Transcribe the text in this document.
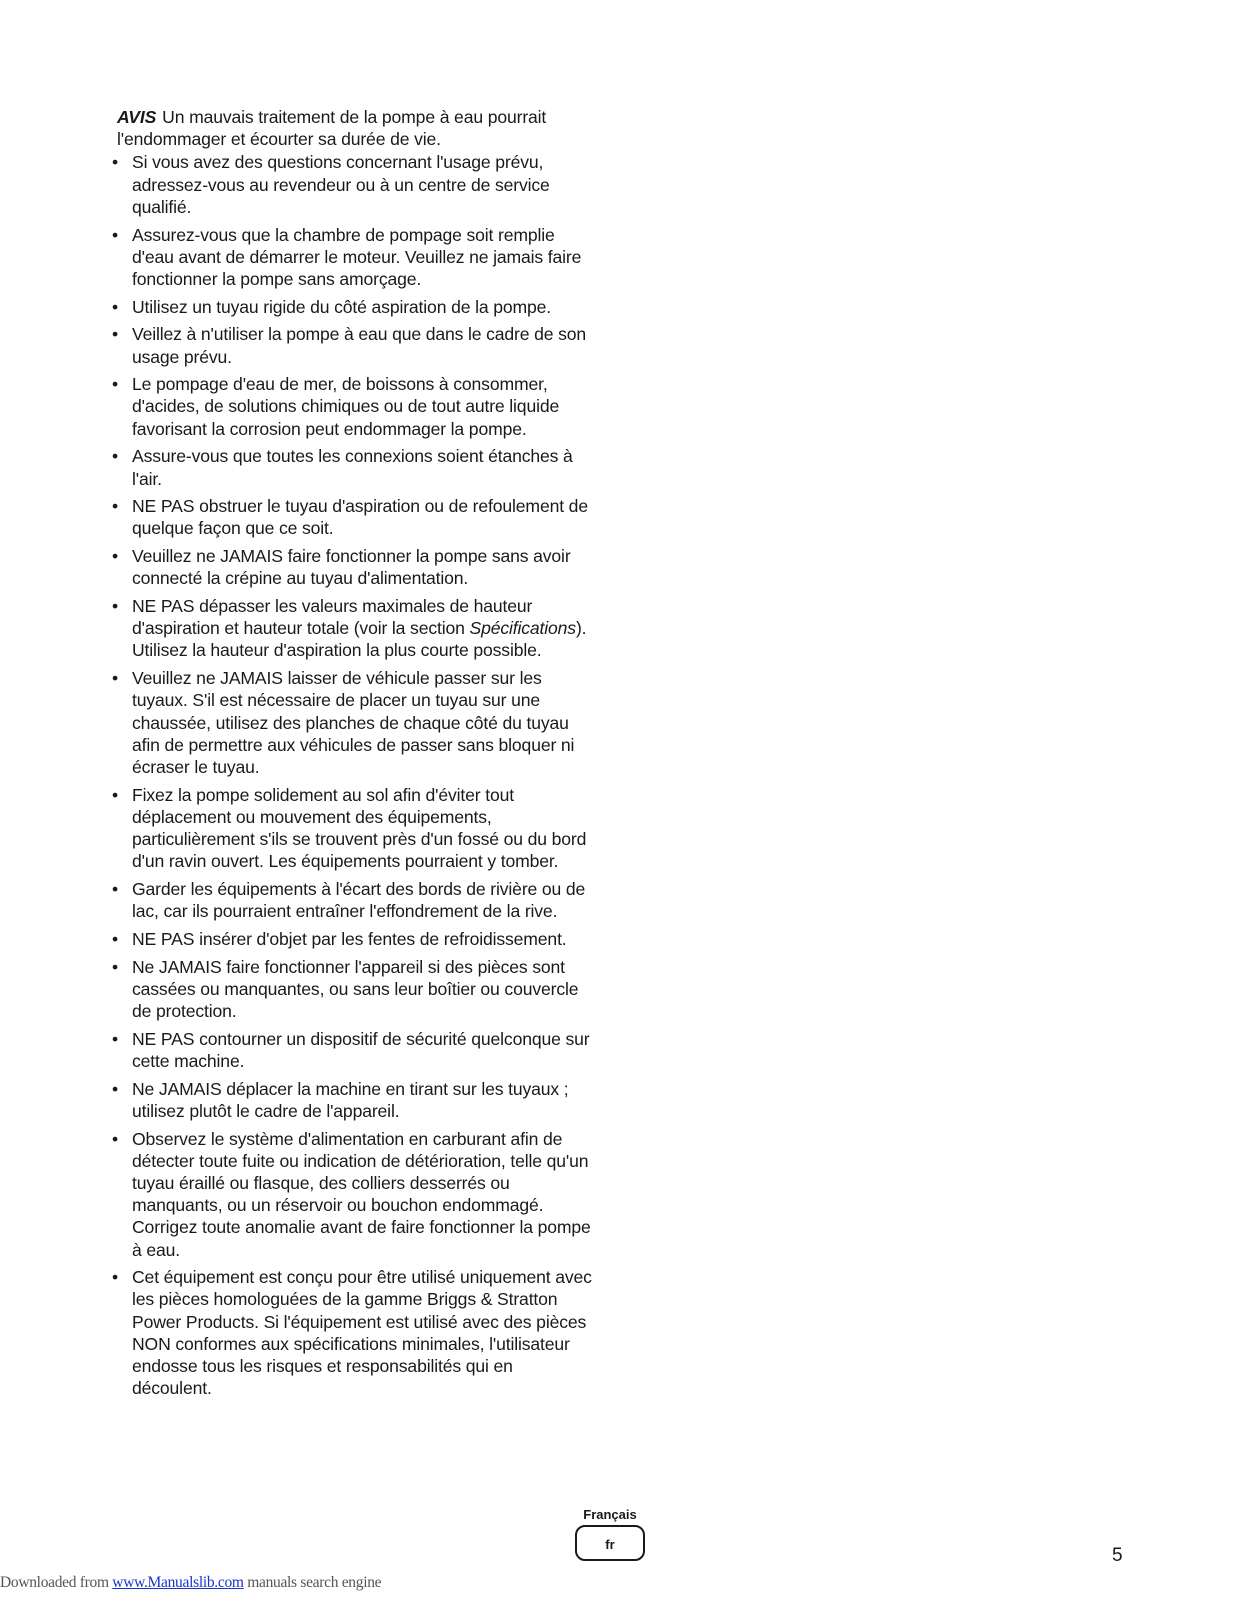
AVIS Un mauvais traitement de la pompe à eau pourrait l'endommager et écourter sa durée de vie.

• Si vous avez des questions concernant l'usage prévu, adressez-vous au revendeur ou à un centre de service qualifié.
• Assurez-vous que la chambre de pompage soit remplie d'eau avant de démarrer le moteur. Veuillez ne jamais faire fonctionner la pompe sans amorçage.
• Utilisez un tuyau rigide du côté aspiration de la pompe.
• Veillez à n'utiliser la pompe à eau que dans le cadre de son usage prévu.
• Le pompage d'eau de mer, de boissons à consommer, d'acides, de solutions chimiques ou de tout autre liquide favorisant la corrosion peut endommager la pompe.
• Assure-vous que toutes les connexions soient étanches à l'air.
• NE PAS obstruer le tuyau d'aspiration ou de refoulement de quelque façon que ce soit.
• Veuillez ne JAMAIS faire fonctionner la pompe sans avoir connecté la crépine au tuyau d'alimentation.
• NE PAS dépasser les valeurs maximales de hauteur d'aspiration et hauteur totale (voir la section Spécifications). Utilisez la hauteur d'aspiration la plus courte possible.
• Veuillez ne JAMAIS laisser de véhicule passer sur les tuyaux. S'il est nécessaire de placer un tuyau sur une chaussée, utilisez des planches de chaque côté du tuyau afin de permettre aux véhicules de passer sans bloquer ni écraser le tuyau.
• Fixez la pompe solidement au sol afin d'éviter tout déplacement ou mouvement des équipements, particulièrement s'ils se trouvent près d'un fossé ou du bord d'un ravin ouvert. Les équipements pourraient y tomber.
• Garder les équipements à l'écart des bords de rivière ou de lac, car ils pourraient entraîner l'effondrement de la rive.
• NE PAS insérer d'objet par les fentes de refroidissement.
• Ne JAMAIS faire fonctionner l'appareil si des pièces sont cassées ou manquantes, ou sans leur boîtier ou couvercle de protection.
• NE PAS contourner un dispositif de sécurité quelconque sur cette machine.
• Ne JAMAIS déplacer la machine en tirant sur les tuyaux ; utilisez plutôt le cadre de l'appareil.
• Observez le système d'alimentation en carburant afin de détecter toute fuite ou indication de détérioration, telle qu'un tuyau éraillé ou flasque, des colliers desserrés ou manquants, ou un réservoir ou bouchon endommagé. Corrigez toute anomalie avant de faire fonctionner la pompe à eau.
• Cet équipement est conçu pour être utilisé uniquement avec les pièces homologuées de la gamme Briggs & Stratton Power Products. Si l'équipement est utilisé avec des pièces NON conformes aux spécifications minimales, l'utilisateur endosse tous les risques et responsabilités qui en découlent.
Français
fr
5
Downloaded from www.Manualslib.com manuals search engine
